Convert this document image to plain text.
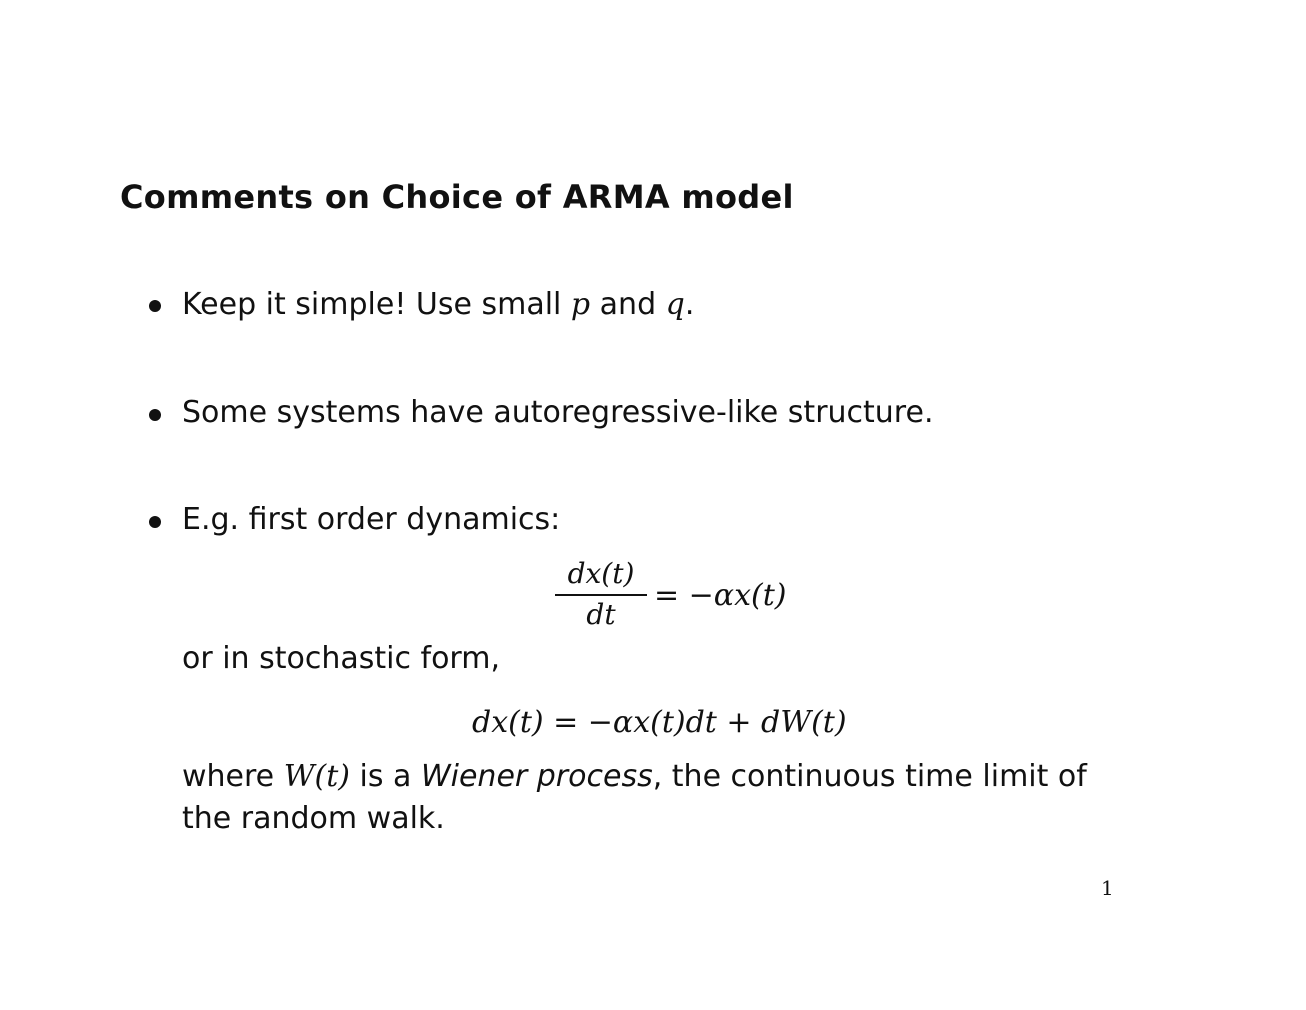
Comments on Choice of ARMA model
Keep it simple! Use small p and q.
Some systems have autoregressive-like structure.
E.g. first order dynamics:
dx(t)
dt
= −αx(t)
or in stochastic form,
dx(t) = −αx(t)dt + dW(t)
where W(t) is a Wiener process, the continuous time limit of
the random walk.
1
